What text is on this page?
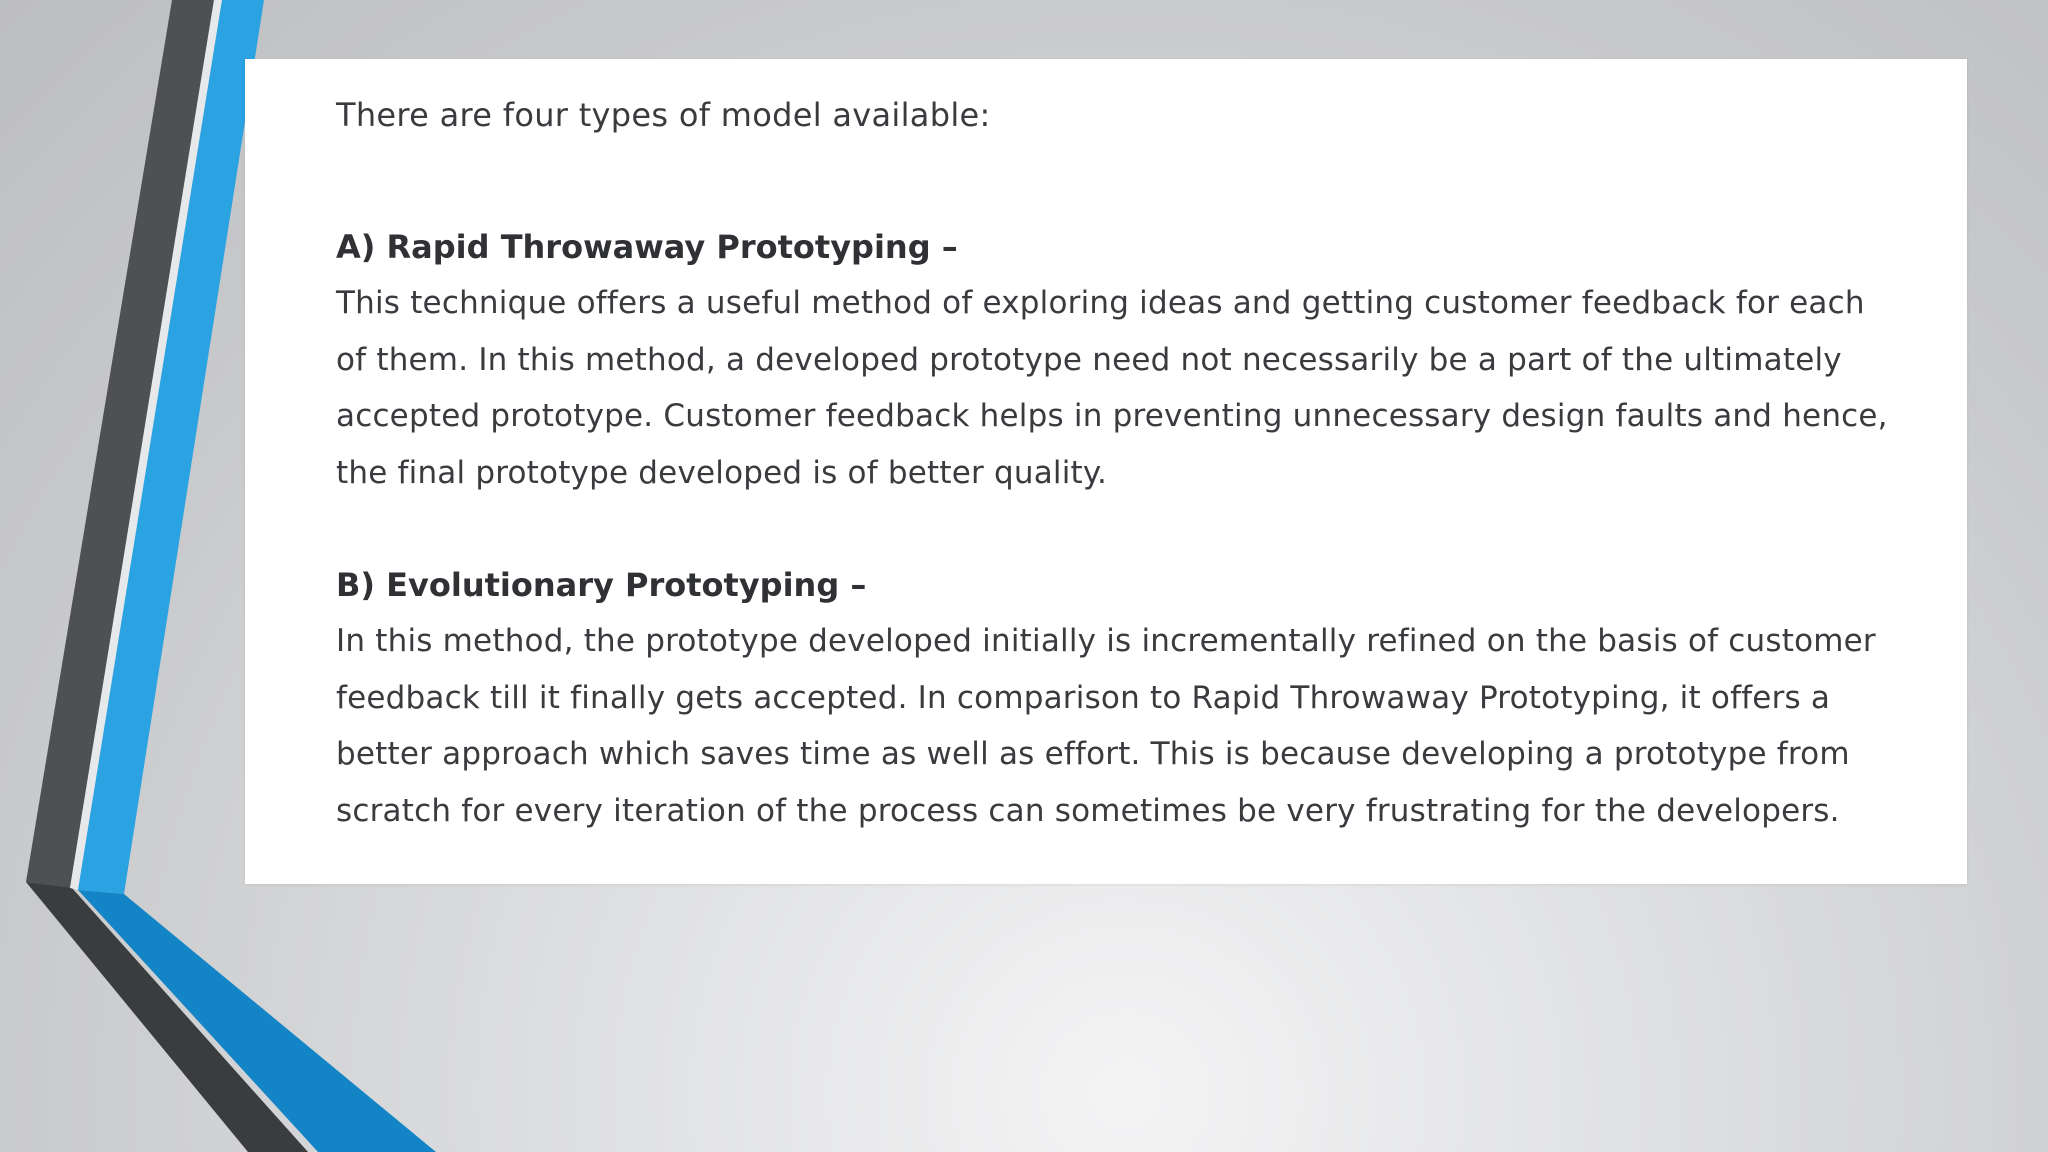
There are four types of model available:

A) Rapid Throwaway Prototyping –

This technique offers a useful method of exploring ideas and getting customer feedback for each of them. In this method, a developed prototype need not necessarily be a part of the ultimately accepted prototype. Customer feedback helps in preventing unnecessary design faults and hence, the final prototype developed is of better quality.

B) Evolutionary Prototyping –

In this method, the prototype developed initially is incrementally refined on the basis of customer feedback till it finally gets accepted. In comparison to Rapid Throwaway Prototyping, it offers a better approach which saves time as well as effort. This is because developing a prototype from scratch for every iteration of the process can sometimes be very frustrating for the developers.
